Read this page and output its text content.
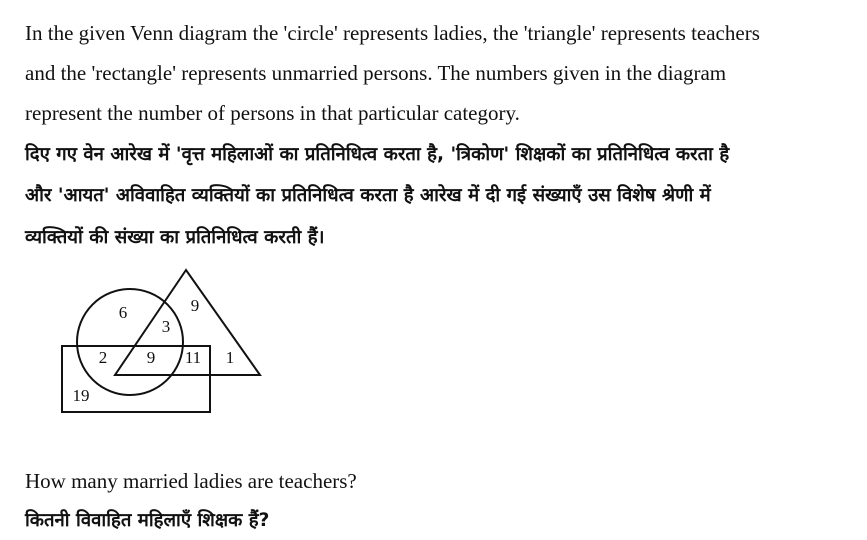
In the given Venn diagram the 'circle' represents ladies, the 'triangle' represents teachers
and the 'rectangle' represents unmarried persons. The numbers given in the diagram
represent the number of persons in that particular category.
दिए गए वेन आरेख में 'वृत्त महिलाओं का प्रतिनिधित्व करता है, 'त्रिकोण' शिक्षकों का प्रतिनिधित्व करता है
और 'आयत' अविवाहित व्यक्तियों का प्रतिनिधित्व करता है आरेख में दी गई संख्याएँ उस विशेष श्रेणी में
व्यक्तियों की संख्या का प्रतिनिधित्व करती हैं।
6
3
9
2 9 11 1
19
How many married ladies are teachers?
कितनी विवाहित महिलाएँ शिक्षक हैं?
